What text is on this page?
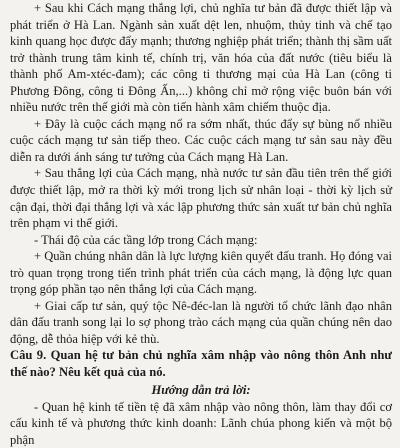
+ Sau khi Cách mạng thắng lợi, chủ nghĩa tư bản đã được thiết lập và phát triển ở Hà Lan. Ngành sản xuất dệt len, nhuộm, thủy tinh và chế tạo kinh quang học được đẩy mạnh; thương nghiệp phát triển; thành thị sầm uất trở thành trung tâm kinh tế, chính trị, văn hóa của đất nước (tiêu biểu là thành phố Am-xtéc-đam); các công ti thương mại của Hà Lan (công ti Phương Đông, công ti Đông Ấn,...) không chỉ mở rộng việc buôn bán với nhiều nước trên thế giới mà còn tiến hành xâm chiếm thuộc địa.

+ Đây là cuộc cách mạng nổ ra sớm nhất, thúc đẩy sự bùng nổ nhiều cuộc cách mạng tư sản tiếp theo. Các cuộc cách mạng tư sản sau này đều diễn ra dưới ánh sáng tư tưởng của Cách mạng Hà Lan.

+ Sau thắng lợi của Cách mạng, nhà nước tư sản đầu tiên trên thế giới được thiết lập, mở ra thời kỳ mới trong lịch sử nhân loại - thời kỳ lịch sử cận đại, thời đại thắng lợi và xác lập phương thức sản xuất tư bản chủ nghĩa trên phạm vi thế giới.

- Thái độ của các tầng lớp trong Cách mạng:

+ Quần chúng nhân dân là lực lượng kiên quyết đấu tranh. Họ đóng vai trò quan trọng trong tiến trình phát triển của cách mạng, là động lực quan trọng góp phần tạo nên thắng lợi của Cách mạng.

+ Giai cấp tư sản, quý tộc Nê-đéc-lan là người tổ chức lãnh đạo nhân dân đấu tranh song lại lo sợ phong trào cách mạng của quần chúng nên dao động, dễ thỏa hiệp với kẻ thù.

Câu 9. Quan hệ tư bản chủ nghĩa xâm nhập vào nông thôn Anh như thế nào? Nêu kết quả của nó.

Hướng dẫn trả lời:

- Quan hệ kinh tế tiền tệ đã xâm nhập vào nông thôn, làm thay đổi cơ cấu kinh tế và phương thức kinh doanh: Lãnh chúa phong kiến và một bộ phận
